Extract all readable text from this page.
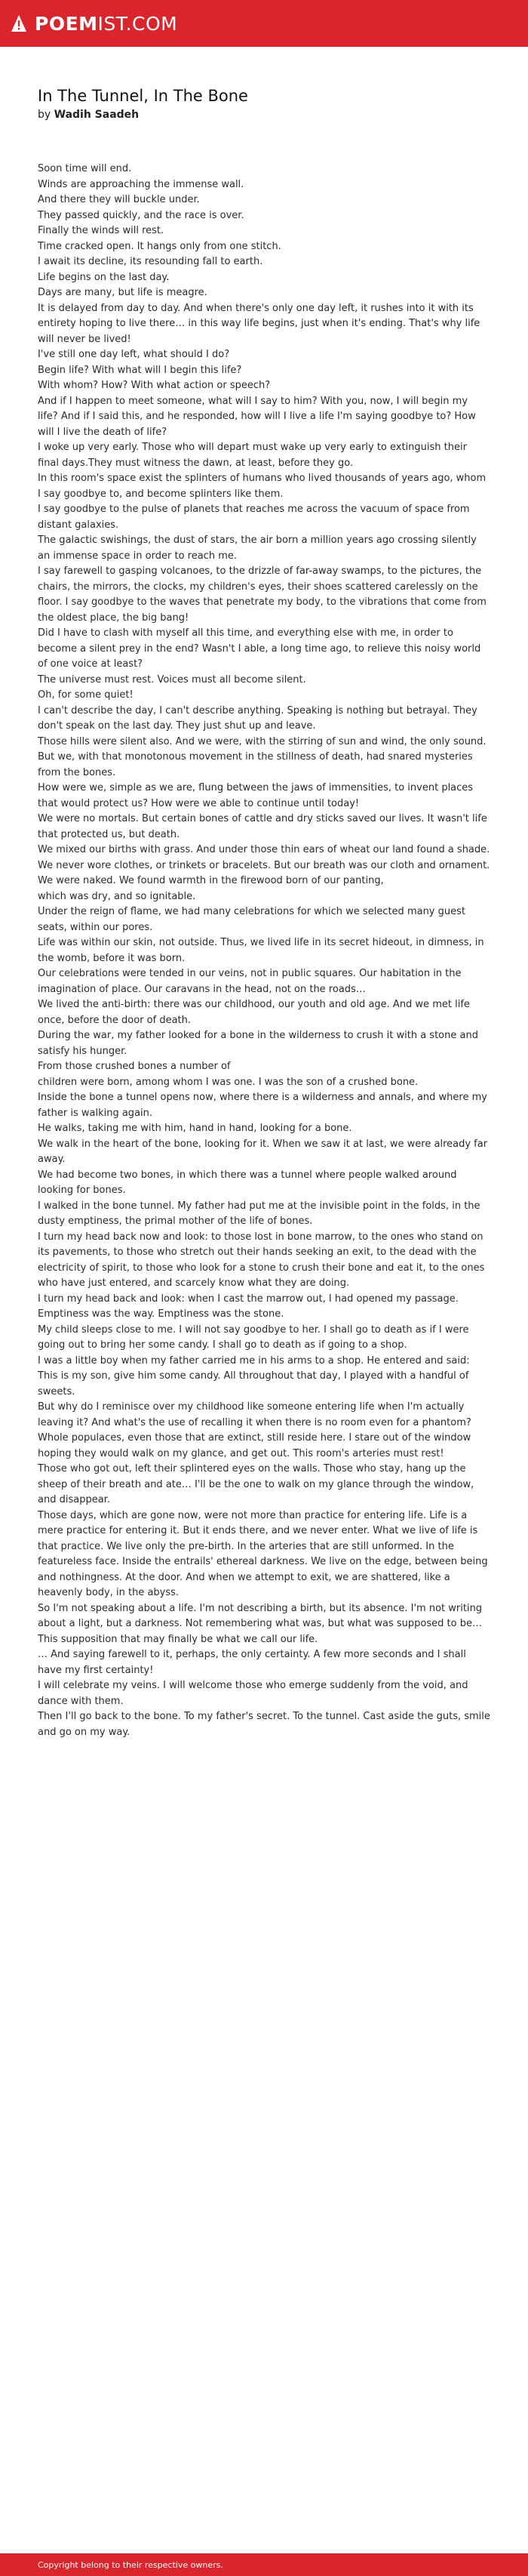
POEMIST.COM
In The Tunnel, In The Bone
by Wadih Saadeh
Soon time will end.
Winds are approaching the immense wall.
And there they will buckle under.
They passed quickly, and the race is over.
Finally the winds will rest.
Time cracked open. It hangs only from one stitch.
I await its decline, its resounding fall to earth.
Life begins on the last day.
Days are many, but life is meagre.
It is delayed from day to day. And when there's only one day left, it rushes into it with its entirety hoping to live there… in this way life begins, just when it's ending. That's why life will never be lived!
I've still one day left, what should I do?
Begin life? With what will I begin this life?
With whom? How? With what action or speech?
And if I happen to meet someone, what will I say to him? With you, now, I will begin my life? And if I said this, and he responded, how will I live a life I'm saying goodbye to? How will I live the death of life?
I woke up very early. Those who will depart must wake up very early to extinguish their final days.They must witness the dawn, at least, before they go.
In this room's space exist the splinters of humans who lived thousands of years ago, whom I say goodbye to, and become splinters like them.
I say goodbye to the pulse of planets that reaches me across the vacuum of space from distant galaxies.
The galactic swishings, the dust of stars, the air born a million years ago crossing silently an immense space in order to reach me.
I say farewell to gasping volcanoes, to the drizzle of far-away swamps, to the pictures, the chairs, the mirrors, the clocks, my children's eyes, their shoes scattered carelessly on the floor. I say goodbye to the waves that penetrate my body, to the vibrations that come from the oldest place, the big bang!
Did I have to clash with myself all this time, and everything else with me, in order to become a silent prey in the end? Wasn't I able, a long time ago, to relieve this noisy world of one voice at least?
The universe must rest. Voices must all become silent.
Oh, for some quiet!
I can't describe the day, I can't describe anything. Speaking is nothing but betrayal. They don't speak on the last day. They just shut up and leave.
Those hills were silent also. And we were, with the stirring of sun and wind, the only sound.
But we, with that monotonous movement in the stillness of death, had snared mysteries from the bones.
How were we, simple as we are, flung between the jaws of immensities, to invent places that would protect us? How were we able to continue until today!
We were no mortals. But certain bones of cattle and dry sticks saved our lives. It wasn't life that protected us, but death.
We mixed our births with grass. And under those thin ears of wheat our land found a shade. We never wore clothes, or trinkets or bracelets. But our breath was our cloth and ornament. We were naked. We found warmth in the firewood born of our panting,
which was dry, and so ignitable.
Under the reign of flame, we had many celebrations for which we selected many guest seats, within our pores.
Life was within our skin, not outside. Thus, we lived life in its secret hideout, in dimness, in the womb, before it was born.
Our celebrations were tended in our veins, not in public squares. Our habitation in the imagination of place. Our caravans in the head, not on the roads…
We lived the anti-birth: there was our childhood, our youth and old age. And we met life once, before the door of death.
During the war, my father looked for a bone in the wilderness to crush it with a stone and satisfy his hunger.
From those crushed bones a number of
children were born, among whom I was one. I was the son of a crushed bone.
Inside the bone a tunnel opens now, where there is a wilderness and annals, and where my father is walking again.
He walks, taking me with him, hand in hand, looking for a bone.
We walk in the heart of the bone, looking for it. When we saw it at last, we were already far away.
We had become two bones, in which there was a tunnel where people walked around looking for bones.
I walked in the bone tunnel. My father had put me at the invisible point in the folds, in the dusty emptiness, the primal mother of the life of bones.
I turn my head back now and look: to those lost in bone marrow, to the ones who stand on its pavements, to those who stretch out their hands seeking an exit, to the dead with the electricity of spirit, to those who look for a stone to crush their bone and eat it, to the ones who have just entered, and scarcely know what they are doing.
I turn my head back and look: when I cast the marrow out, I had opened my passage. Emptiness was the way. Emptiness was the stone.
My child sleeps close to me. I will not say goodbye to her. I shall go to death as if I were going out to bring her some candy. I shall go to death as if going to a shop.
I was a little boy when my father carried me in his arms to a shop. He entered and said: This is my son, give him some candy. All throughout that day, I played with a handful of sweets.
But why do I reminisce over my childhood like someone entering life when I'm actually leaving it? And what's the use of recalling it when there is no room even for a phantom? Whole populaces, even those that are extinct, still reside here. I stare out of the window hoping they would walk on my glance, and get out. This room's arteries must rest!
Those who got out, left their splintered eyes on the walls. Those who stay, hang up the sheep of their breath and ate… I'll be the one to walk on my glance through the window, and disappear.
Those days, which are gone now, were not more than practice for entering life. Life is a mere practice for entering it. But it ends there, and we never enter. What we live of life is that practice. We live only the pre-birth. In the arteries that are still unformed. In the featureless face. Inside the entrails' ethereal darkness. We live on the edge, between being and nothingness. At the door. And when we attempt to exit, we are shattered, like a heavenly body, in the abyss.
So I'm not speaking about a life. I'm not describing a birth, but its absence. I'm not writing about a light, but a darkness. Not remembering what was, but what was supposed to be… This supposition that may finally be what we call our life.
… And saying farewell to it, perhaps, the only certainty. A few more seconds and I shall have my first certainty!
I will celebrate my veins. I will welcome those who emerge suddenly from the void, and dance with them.
Then I'll go back to the bone. To my father's secret. To the tunnel. Cast aside the guts, smile and go on my way.
Copyright belong to their respective owners.
